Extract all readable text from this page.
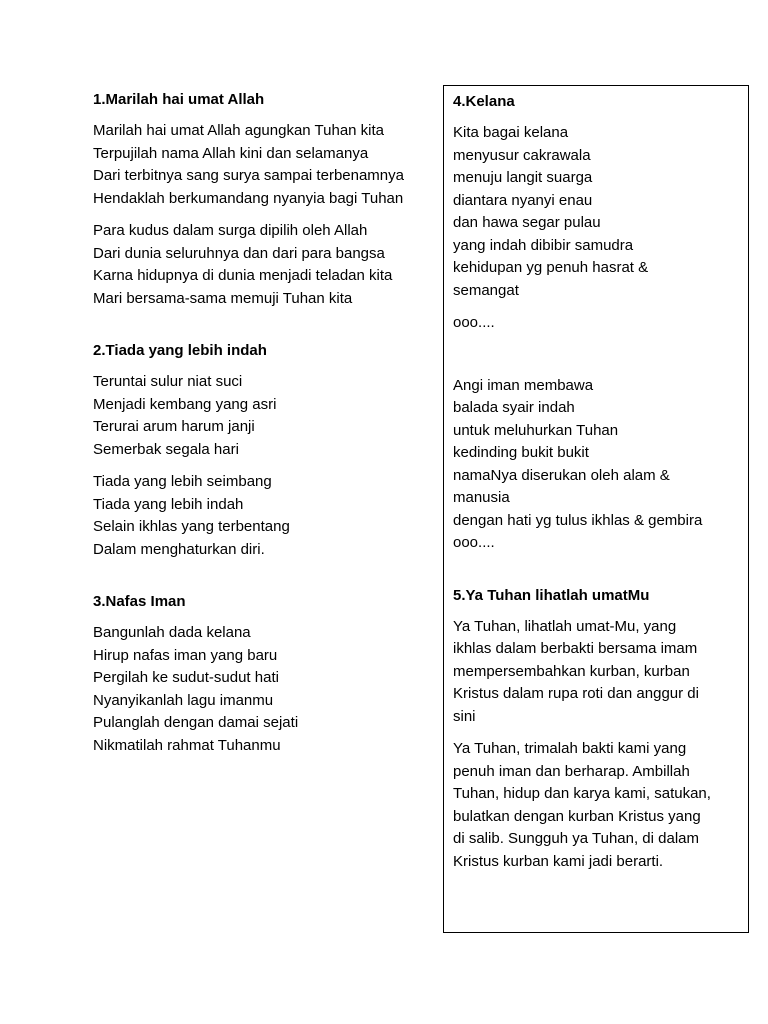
1.Marilah hai umat Allah
Marilah hai umat Allah agungkan Tuhan kita
Terpujilah nama Allah kini dan selamanya
Dari terbitnya sang surya sampai terbenamnya
Hendaklah berkumandang nyanyia bagi Tuhan
Para kudus dalam surga dipilih oleh Allah
Dari dunia seluruhnya dan dari para bangsa
Karna hidupnya di dunia menjadi teladan kita
Mari bersama-sama memuji Tuhan kita
2.Tiada yang lebih indah
Teruntai sulur niat suci
Menjadi kembang yang asri
Terurai arum harum janji
Semerbak segala hari
Tiada yang lebih seimbang
Tiada yang lebih indah
Selain ikhlas yang terbentang
Dalam menghaturkan diri.
3.Nafas Iman
Bangunlah dada kelana
Hirup nafas iman yang baru
Pergilah ke sudut-sudut hati
Nyanyikanlah lagu imanmu
Pulanglah dengan damai sejati
Nikmatilah rahmat Tuhanmu
4.Kelana
Kita bagai kelana
menyusur cakrawala
menuju langit suarga
diantara nyanyi enau
dan hawa segar pulau
yang indah dibibir samudra
kehidupan yg penuh hasrat &
semangat
ooo....
Angi iman membawa
balada syair indah
untuk meluhurkan Tuhan
kedinding bukit bukit
namaNya diserukan oleh alam &
manusia
dengan hati yg tulus ikhlas & gembira
ooo....
5.Ya Tuhan lihatlah umatMu
Ya Tuhan, lihatlah umat-Mu, yang
ikhlas dalam berbakti bersama imam
mempersembahkan kurban, kurban
Kristus dalam rupa roti dan anggur di
sini
Ya Tuhan, trimalah bakti kami yang
penuh iman dan berharap. Ambillah
Tuhan, hidup dan karya kami, satukan,
bulatkan dengan kurban Kristus yang
di salib. Sungguh ya Tuhan, di dalam
Kristus kurban kami jadi berarti.
